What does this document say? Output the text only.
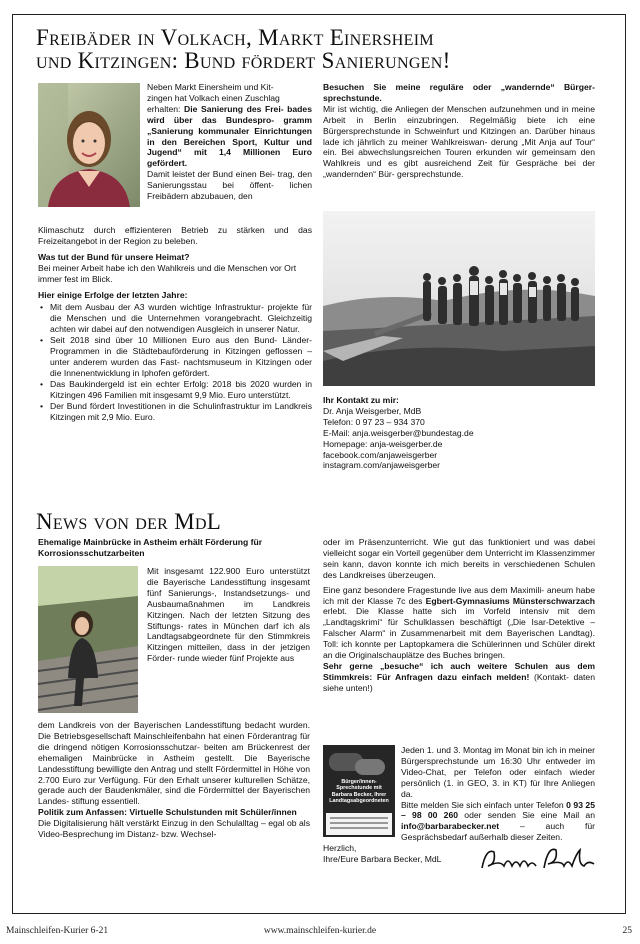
Freibäder in Volkach, Markt Einersheim
und Kitzingen: Bund fördert Sanierungen!

Neben Markt Einersheim und Kit-

zingen hat Volkach einen Zuschlag

erhalten: Die Sanierung des Frei- bades wird über das Bundespro- gramm „Sanierung kommunaler Einrichtungen in den Bereichen Sport, Kultur und Jugend“ mit 1,4 Millionen Euro gefördert.

Damit leistet der Bund einen Bei- trag, den Sanierungsstau bei öffent- lichen Freibädern abzubauen, den

Klimaschutz durch effizienteren Betrieb zu stärken und das Freizeitangebot in der Region zu beleben.

Was tut der Bund für unsere Heimat?

Bei meiner Arbeit habe ich den Wahlkreis und die Menschen vor Ort immer fest im Blick.

Hier einige Erfolge der letzten Jahre:

• Mit dem Ausbau der A3 wurden wichtige Infrastruktur- projekte für die Menschen und die Unternehmen vorangebracht. Gleichzeitig achten wir dabei auf den notwendigen Ausgleich in unserer Natur.
• Seit 2018 sind über 10 Millionen Euro aus den Bund- Länder-Programmen in die Städtebauförderung in Kitzingen geflossen – unter anderem wurden das Fast- nachtsmuseum in Kitzingen oder die Innenentwicklung in Iphofen gefördert.
• Das Baukindergeld ist ein echter Erfolg: 2018 bis 2020 wurden in Kitzingen 496 Familien mit insgesamt 9,9 Mio. Euro unterstützt.
• Der Bund fördert Investitionen in die Schulinfrastruktur im Landkreis Kitzingen mit 2,9 Mio. Euro.

Besuchen Sie meine reguläre oder „wandernde“ Bürger- sprechstunde.

Mir ist wichtig, die Anliegen der Menschen aufzunehmen und in meine Arbeit in Berlin einzubringen. Regelmäßig biete ich eine Bürgersprechstunde in Schweinfurt und Kitzingen an. Darüber hinaus lade ich jährlich zu meiner Wahlkreiswan- derung „Mit Anja auf Tour“ ein. Bei abwechslungsreichen Touren erkunden wir gemeinsam den Wahlkreis und es gibt ausreichend Zeit für Gespräche bei der „wandernden“ Bür- gersprechstunde.

Ihr Kontakt zu mir:

Dr. Anja Weisgerber, MdB

Telefon: 0 97 23 – 934 370

E-Mail: anja.weisgerber@bundestag.de

Homepage: anja-weisgerber.de

facebook.com/anjaweisgerber

instagram.com/anjaweisgerber

News von der MdL

Ehemalige Mainbrücke in Astheim erhält Förderung für Korrosionsschutzarbeiten

Mit insgesamt 122.900 Euro unterstützt die Bayerische Landesstiftung insgesamt fünf Sanierungs-, Instandsetzungs- und Ausbaumaßnahmen im Landkreis Kitzingen. Nach der letzten Sitzung des Stiftungs- rates in München darf ich als Landtagsabgeordnete für den Stimmkreis Kitzingen mitteilen, dass in der jetzigen Förder- runde wieder fünf Projekte aus

dem Landkreis von der Bayerischen Landesstiftung bedacht wurden. Die Betriebsgesellschaft Mainschleifenbahn hat einen Förderantrag für die dringend nötigen Korrosionsschutzar- beiten am Brückenrest der ehemaligen Mainbrücke in Astheim gestellt. Die Bayerische Landesstiftung bewilligte den Antrag und stellt Fördermittel in Höhe von 2.700 Euro zur Verfügung. Für den Erhalt unserer kulturellen Schätze, gerade auch der Baudenkmäler, sind die Fördermittel der Bayerischen Landes- stiftung essentiell.

Politik zum Anfassen: Virtuelle Schulstunden mit Schüler/innen

Die Digitalisierung hält verstärkt Einzug in den Schulalltag – egal ob als Video-Besprechung im Distanz- bzw. Wechsel-

oder im Präsenzunterricht. Wie gut das funktioniert und was dabei vielleicht sogar ein Vorteil gegenüber dem Unterricht im Klassenzimmer sein kann, davon konnte ich mich bereits in verschiedenen Schulen des Landkreises überzeugen.

Eine ganz besondere Fragestunde live aus dem Maximili- aneum habe ich mit der Klasse 7c des Egbert-Gymnasiums Münsterschwarzach erlebt. Die Klasse hatte sich im Vorfeld intensiv mit dem „Landtagskrimi“ für Schulklassen beschäftigt („Die Isar-Detektive – Falscher Alarm“ in Zusammenarbeit mit dem Bayerischen Landtag). Toll: ich konnte per Laptopkamera die Schülerinnen und Schüler direkt an die Originalschauplätze des Buches bringen.

Sehr gerne „besuche“ ich auch weitere Schulen aus dem Stimmkreis: Für Anfragen dazu einfach melden! (Kontakt- daten siehe unten!)

Bürger/innen- Sprechstunde mit Barbara Becker, Ihrer Landtagsabgeordneten

Jeden 1. und 3. Montag im Monat bin ich in meiner Bürgersprechstunde um 16:30 Uhr entweder im Video-Chat, per Telefon oder einfach wieder persönlich (1. in GEO, 3. in KT) für Ihre Anliegen da.

Bitte melden Sie sich einfach unter Telefon 0 93 25 – 98 00 260 oder senden Sie eine Mail an info@barbarabecker.net – auch für Gesprächsbedarf außerhalb dieser Zeiten.

Herzlich,

Ihre/Eure Barbara Becker, MdL

Mainschleifen-Kurier 6-21	www.mainschleifen-kurier.de	25
